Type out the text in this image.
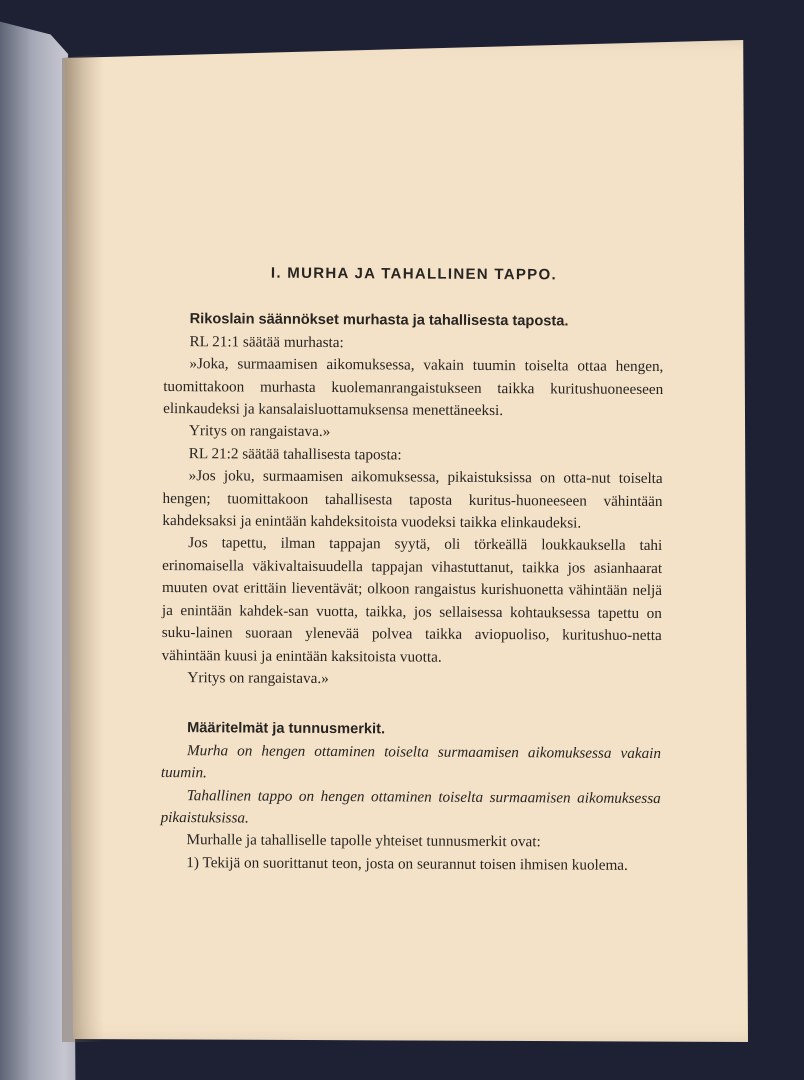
I. MURHA JA TAHALLINEN TAPPO.

Rikoslain säännökset murhasta ja tahallisesta taposta.

RL 21:1 säätää murhasta:

»Joka, surmaamisen aikomuksessa, vakain tuumin toiselta ottaa hengen, tuomittakoon murhasta kuolemanrangaistukseen taikka kuritushuoneeseen elinkaudeksi ja kansalaisluottamuksensa menettäneeksi.

Yritys on rangaistava.»

RL 21:2 säätää tahallisesta taposta:

»Jos joku, surmaamisen aikomuksessa, pikaistuksissa on otta-nut toiselta hengen; tuomittakoon tahallisesta taposta kuritus-huoneeseen vähintään kahdeksaksi ja enintään kahdeksitoista vuodeksi taikka elinkaudeksi.

Jos tapettu, ilman tappajan syytä, oli törkeällä loukkauksella tahi erinomaisella väkivaltaisuudella tappajan vihastuttanut, taikka jos asianhaarat muuten ovat erittäin lieventävät; olkoon rangaistus kurishuonetta vähintään neljä ja enintään kahdek-san vuotta, taikka, jos sellaisessa kohtauksessa tapettu on suku-lainen suoraan ylenevää polvea taikka aviopuoliso, kuritushuo-netta vähintään kuusi ja enintään kaksitoista vuotta.

Yritys on rangaistava.»

Määritelmät ja tunnusmerkit.

Murha on hengen ottaminen toiselta surmaamisen aikomuksessa vakain tuumin.

Tahallinen tappo on hengen ottaminen toiselta surmaamisen aikomuksessa pikaistuksissa.

Murhalle ja tahalliselle tapolle yhteiset tunnusmerkit ovat:

1) Tekijä on suorittanut teon, josta on seurannut toisen ihmisen kuolema.
